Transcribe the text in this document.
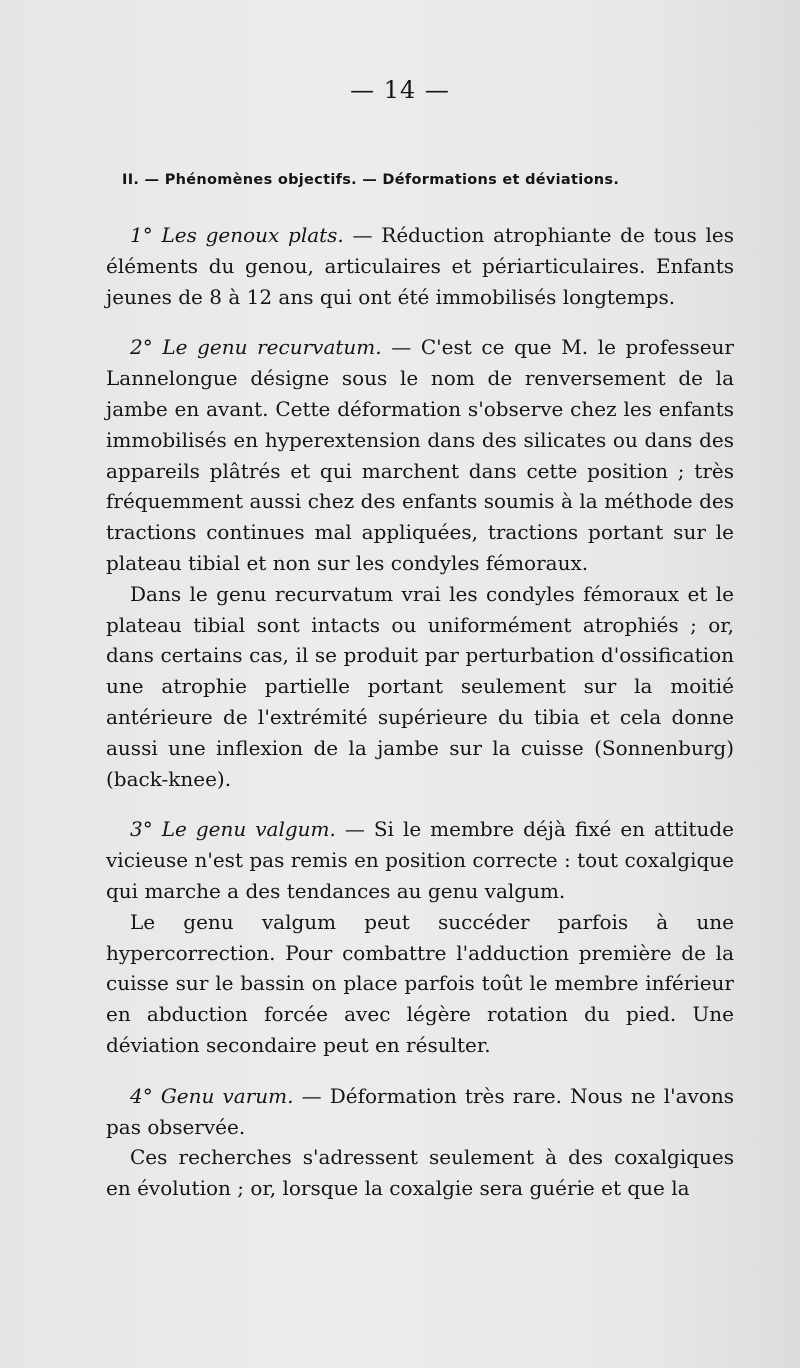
— 14 —
II. — Phénomènes objectifs. — Déformations et déviations.

1° Les genoux plats. — Réduction atrophiante de tous les éléments du genou, articulaires et périarticulaires. Enfants jeunes de 8 à 12 ans qui ont été immobilisés longtemps.

2° Le genu recurvatum. — C'est ce que M. le professeur Lannelongue désigne sous le nom de renversement de la jambe en avant. Cette déformation s'observe chez les enfants immobilisés en hyperextension dans des silicates ou dans des appareils plâtrés et qui marchent dans cette position ; très fréquemment aussi chez des enfants soumis à la méthode des tractions continues mal appliquées, tractions portant sur le plateau tibial et non sur les condyles fémoraux.

Dans le genu recurvatum vrai les condyles fémoraux et le plateau tibial sont intacts ou uniformément atrophiés ; or, dans certains cas, il se produit par perturbation d'ossification une atrophie partielle portant seulement sur la moitié antérieure de l'extrémité supérieure du tibia et cela donne aussi une inflexion de la jambe sur la cuisse (Sonnenburg) (back-knee).

3° Le genu valgum. — Si le membre déjà fixé en attitude vicieuse n'est pas remis en position correcte : tout coxalgique qui marche a des tendances au genu valgum.

Le genu valgum peut succéder parfois à une hypercorrection. Pour combattre l'adduction première de la cuisse sur le bassin on place parfois toût le membre inférieur en abduction forcée avec légère rotation du pied. Une déviation secondaire peut en résulter.

4° Genu varum. — Déformation très rare. Nous ne l'avons pas observée.

Ces recherches s'adressent seulement à des coxalgiques en évolution ; or, lorsque la coxalgie sera guérie et que la
